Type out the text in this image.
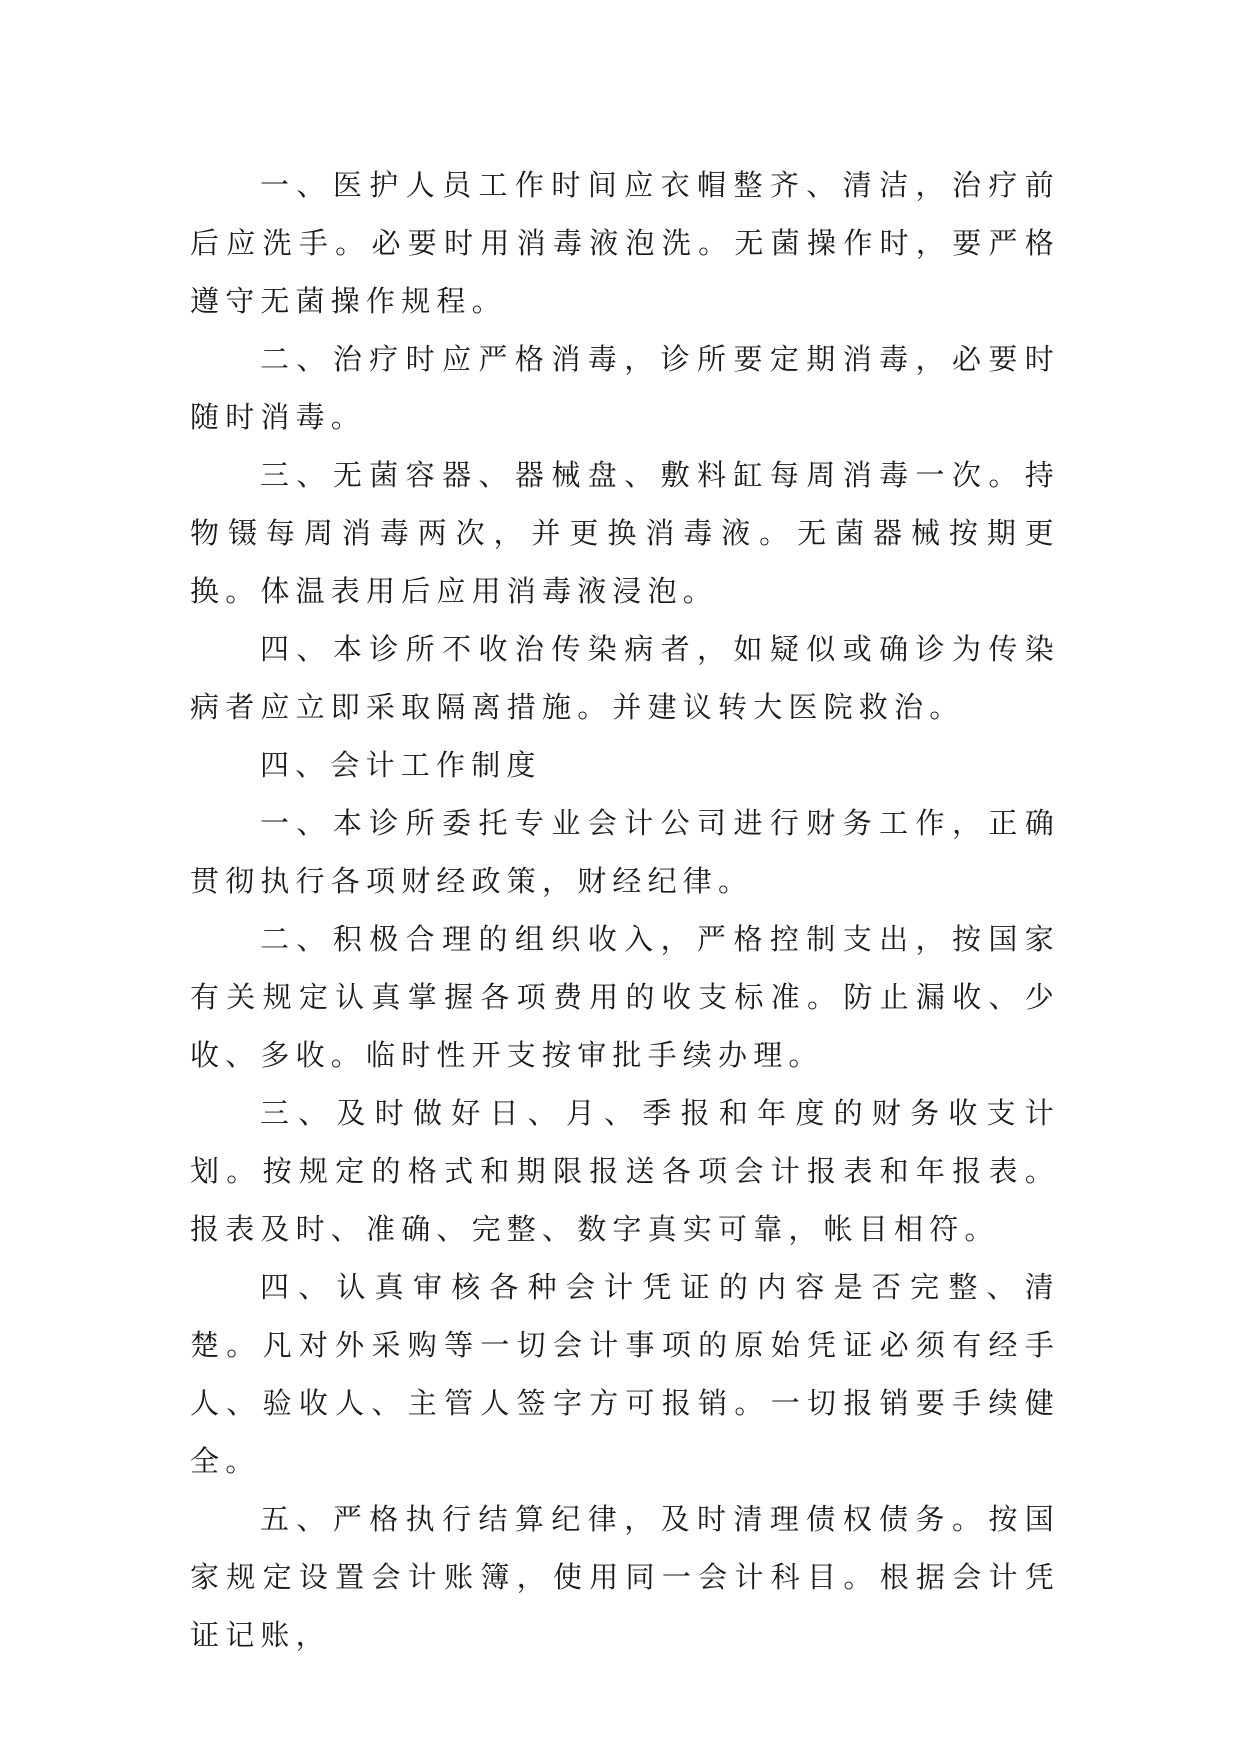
一、医护人员工作时间应衣帽整齐、清洁，治疗前后应洗手。必要时用消毒液泡洗。无菌操作时，要严格遵守无菌操作规程。

二、治疗时应严格消毒，诊所要定期消毒，必要时随时消毒。

三、无菌容器、器械盘、敷料缸每周消毒一次。持物镊每周消毒两次，并更换消毒液。无菌器械按期更换。体温表用后应用消毒液浸泡。

四、本诊所不收治传染病者，如疑似或确诊为传染病者应立即采取隔离措施。并建议转大医院救治。

四、会计工作制度

一、本诊所委托专业会计公司进行财务工作，正确贯彻执行各项财经政策，财经纪律。

二、积极合理的组织收入，严格控制支出，按国家有关规定认真掌握各项费用的收支标准。防止漏收、少收、多收。临时性开支按审批手续办理。

三、及时做好日、月、季报和年度的财务收支计划。按规定的格式和期限报送各项会计报表和年报表。报表及时、准确、完整、数字真实可靠，帐目相符。

四、认真审核各种会计凭证的内容是否完整、清楚。凡对外采购等一切会计事项的原始凭证必须有经手人、验收人、主管人签字方可报销。一切报销要手续健全。

五、严格执行结算纪律，及时清理债权债务。按国家规定设置会计账簿，使用同一会计科目。根据会计凭证记账，
